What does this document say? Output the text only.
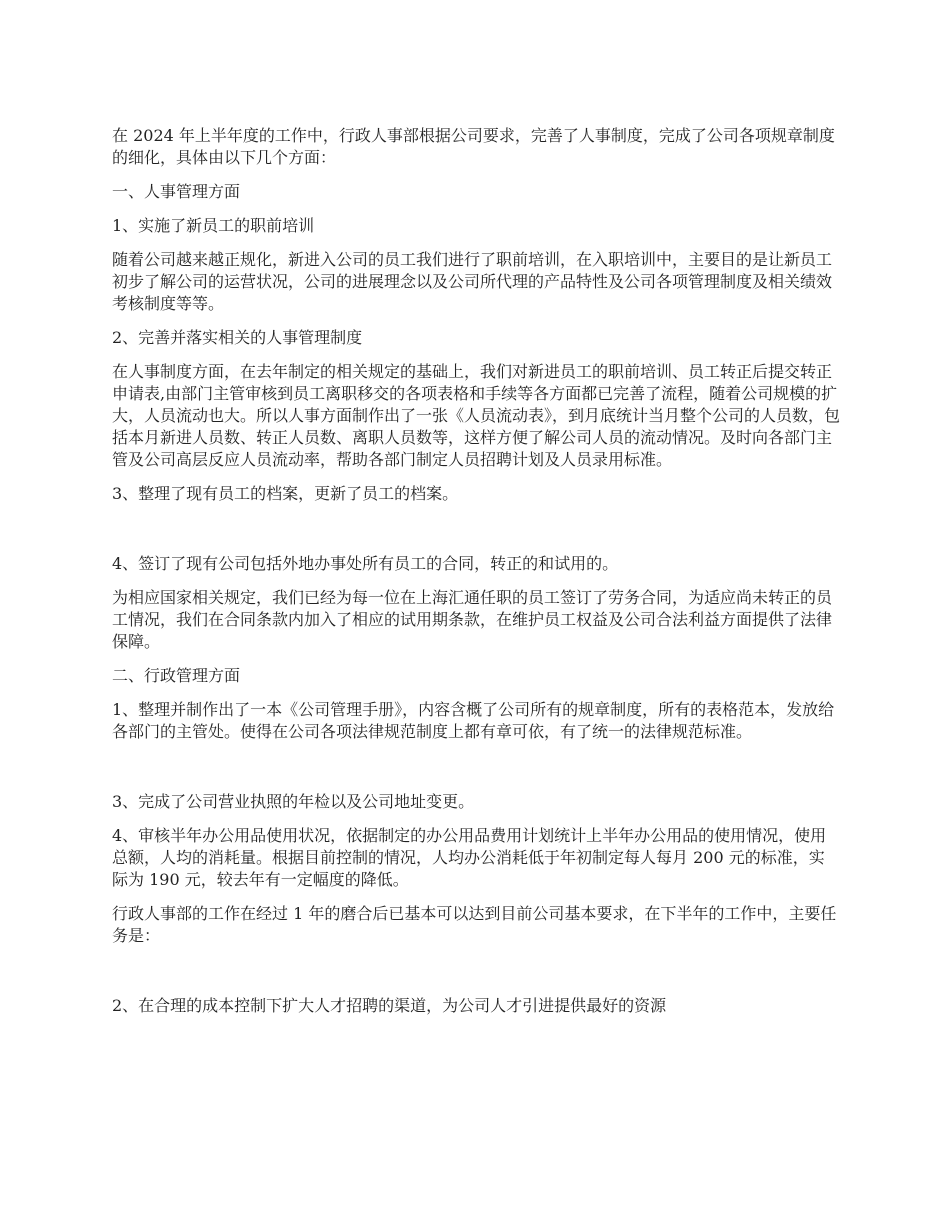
在 2024 年上半年度的工作中，行政人事部根据公司要求，完善了人事制度，完成了公司各项规章制度的细化，具体由以下几个方面：

一、人事管理方面

1、实施了新员工的职前培训

随着公司越来越正规化，新进入公司的员工我们进行了职前培训，在入职培训中，主要目的是让新员工初步了解公司的运营状况，公司的进展理念以及公司所代理的产品特性及公司各项管理制度及相关绩效考核制度等等。

2、完善并落实相关的人事管理制度

在人事制度方面，在去年制定的相关规定的基础上，我们对新进员工的职前培训、员工转正后提交转正申请表,由部门主管审核到员工离职移交的各项表格和手续等各方面都已完善了流程，随着公司规模的扩大，人员流动也大。所以人事方面制作出了一张《人员流动表》，到月底统计当月整个公司的人员数，包括本月新进人员数、转正人员数、离职人员数等，这样方便了解公司人员的流动情况。及时向各部门主管及公司高层反应人员流动率，帮助各部门制定人员招聘计划及人员录用标准。

3、整理了现有员工的档案，更新了员工的档案。

4、签订了现有公司包括外地办事处所有员工的合同，转正的和试用的。

为相应国家相关规定，我们已经为每一位在上海汇通任职的员工签订了劳务合同，为适应尚未转正的员工情况，我们在合同条款内加入了相应的试用期条款，在维护员工权益及公司合法利益方面提供了法律保障。

二、行政管理方面

1、整理并制作出了一本《公司管理手册》，内容含概了公司所有的规章制度，所有的表格范本，发放给各部门的主管处。使得在公司各项法律规范制度上都有章可依，有了统一的法律规范标准。

3、完成了公司营业执照的年检以及公司地址变更。

4、审核半年办公用品使用状况，依据制定的办公用品费用计划统计上半年办公用品的使用情况，使用总额，人均的消耗量。根据目前控制的情况，人均办公消耗低于年初制定每人每月 200 元的标准，实际为 190 元，较去年有一定幅度的降低。

行政人事部的工作在经过 1 年的磨合后已基本可以达到目前公司基本要求，在下半年的工作中，主要任务是：

2、在合理的成本控制下扩大人才招聘的渠道，为公司人才引进提供最好的资源
